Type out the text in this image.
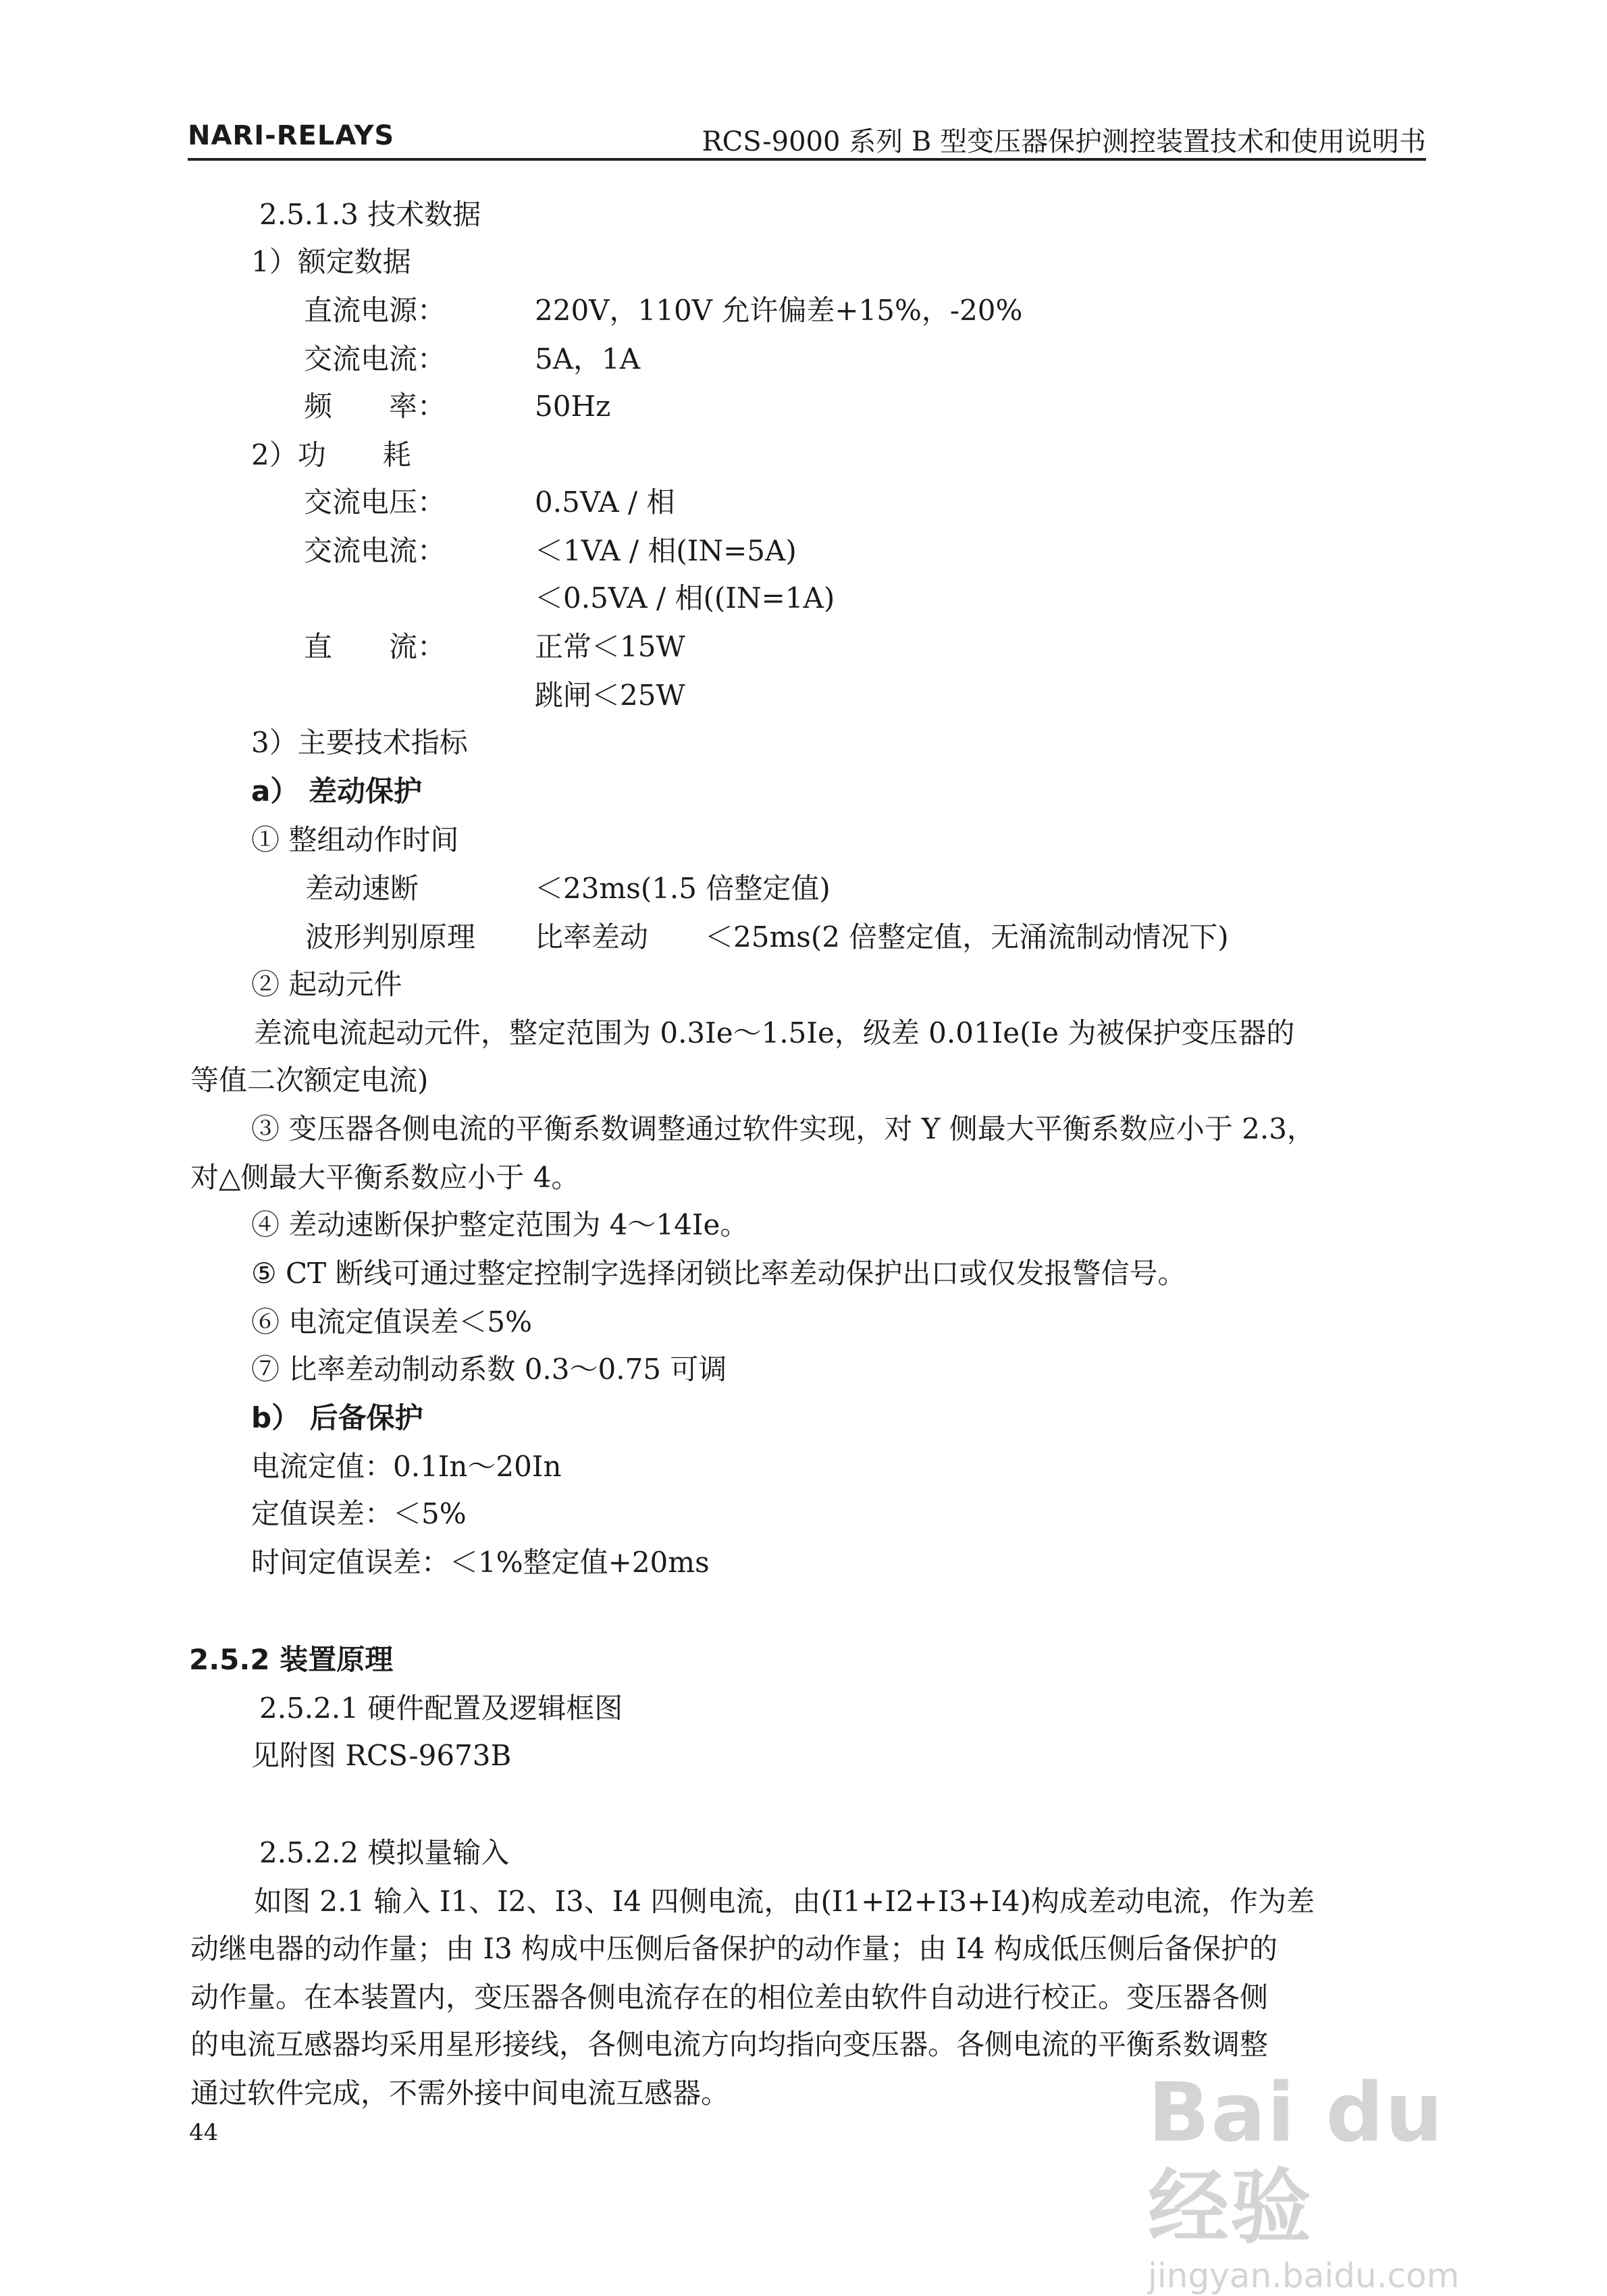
NARI-RELAYS	RCS-9000 系列 B 型变压器保护测控装置技术和使用说明书
2.5.1.3 技术数据
1）额定数据
直流电源：	220V，110V 允许偏差+15%，-20%
交流电流：	5A，1A
频　　率：	50Hz
2）功　　耗
交流电压：	0.5VA / 相
交流电流：	＜1VA / 相(IN=5A)
＜0.5VA / 相((IN=1A)
直　　流：	正常＜15W
跳闸＜25W
3）主要技术指标
a） 差动保护
① 整组动作时间
差动速断	＜23ms(1.5 倍整定值)
波形判别原理 比率差动　　＜25ms(2 倍整定值，无涌流制动情况下)
② 起动元件
差流电流起动元件，整定范围为 0.3Ie～1.5Ie，级差 0.01Ie(Ie 为被保护变压器的
等值二次额定电流)
③ 变压器各侧电流的平衡系数调整通过软件实现，对 Y 侧最大平衡系数应小于 2.3，
对△侧最大平衡系数应小于 4。
④ 差动速断保护整定范围为 4～14Ie。
⑤ CT 断线可通过整定控制字选择闭锁比率差动保护出口或仅发报警信号。
⑥ 电流定值误差＜5%
⑦ 比率差动制动系数 0.3～0.75 可调
b） 后备保护
电流定值：0.1In～20In
定值误差：＜5%
时间定值误差：＜1%整定值+20ms
2.5.2 装置原理
2.5.2.1 硬件配置及逻辑框图
见附图 RCS-9673B
2.5.2.2 模拟量输入
如图 2.1 输入 I1、I2、I3、I4 四侧电流，由(I1+I2+I3+I4)构成差动电流，作为差
动继电器的动作量；由 I3 构成中压侧后备保护的动作量；由 I4 构成低压侧后备保护的
动作量。在本装置内，变压器各侧电流存在的相位差由软件自动进行校正。变压器各侧
的电流互感器均采用星形接线，各侧电流方向均指向变压器。各侧电流的平衡系数调整
通过软件完成，不需外接中间电流互感器。
44	Bai du 经验
jingyan.baidu.com
